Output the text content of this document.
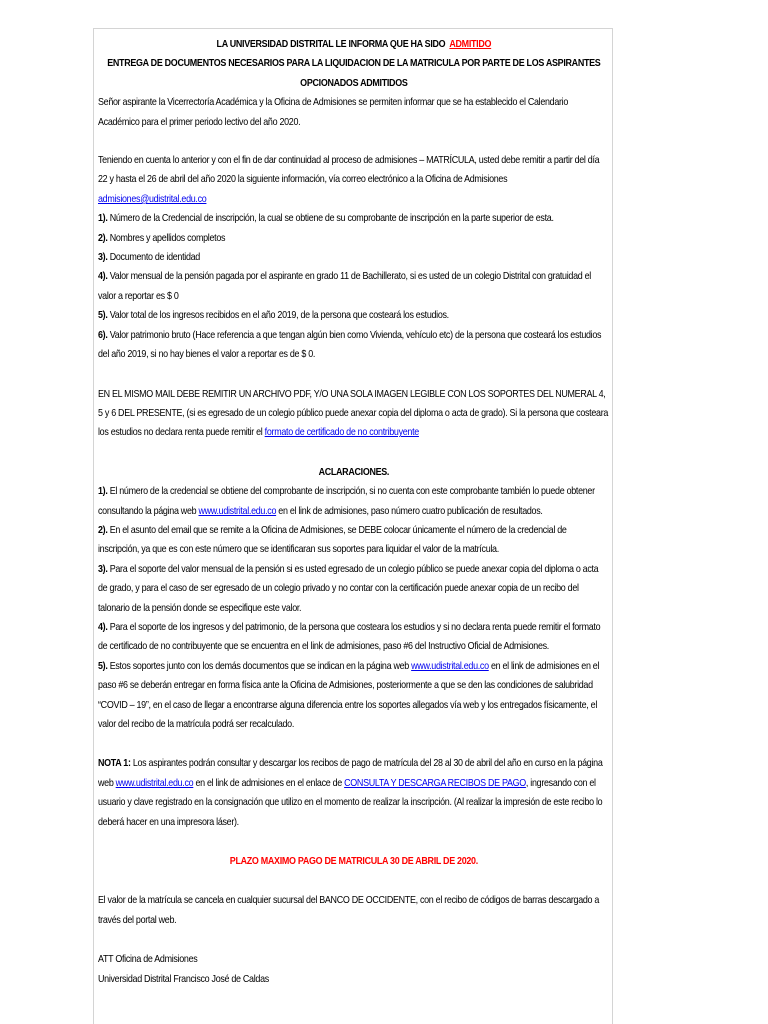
LA UNIVERSIDAD DISTRITAL LE INFORMA QUE HA SIDO ADMITIDO

ENTREGA DE DOCUMENTOS NECESARIOS PARA LA LIQUIDACION DE LA MATRICULA POR PARTE DE LOS ASPIRANTES OPCIONADOS ADMITIDOS

Señor aspirante la Vicerrectoría Académica y la Oficina de Admisiones se permiten informar que se ha establecido el Calendario Académico para el primer periodo lectivo del año 2020.

Teniendo en cuenta lo anterior y con el fin de dar continuidad al proceso de admisiones – MATRÍCULA, usted debe remitir a partir del día 22 y hasta el 26 de abril del año 2020 la siguiente información, vía correo electrónico a la Oficina de Admisiones admisiones@udistrital.edu.co

1). Número de la Credencial de inscripción, la cual se obtiene de su comprobante de inscripción en la parte superior de esta.

2). Nombres y apellidos completos

3). Documento de identidad

4). Valor mensual de la pensión pagada por el aspirante en grado 11 de Bachillerato, si es usted de un colegio Distrital con gratuidad el valor a reportar es $ 0

5). Valor total de los ingresos recibidos en el año 2019, de la persona que costeará los estudios.

6). Valor patrimonio bruto (Hace referencia a que tengan algún bien como Vivienda, vehículo etc) de la persona que costeará los estudios del año 2019, si no hay bienes el valor a reportar es de $ 0.

EN EL MISMO MAIL DEBE REMITIR UN ARCHIVO PDF, Y/O UNA SOLA IMAGEN LEGIBLE CON LOS SOPORTES DEL NUMERAL 4, 5 y 6 DEL PRESENTE, (si es egresado de un colegio público puede anexar copia del diploma o acta de grado). Si la persona que costeara los estudios no declara renta puede remitir el formato de certificado de no contribuyente

ACLARACIONES.

1). El número de la credencial se obtiene del comprobante de inscripción, si no cuenta con este comprobante también lo puede obtener consultando la página web www.udistrital.edu.co en el link de admisiones, paso número cuatro publicación de resultados.

2). En el asunto del email que se remite a la Oficina de Admisiones, se DEBE colocar únicamente el número de la credencial de inscripción, ya que es con este número que se identificaran sus soportes para liquidar el valor de la matrícula.

3). Para el soporte del valor mensual de la pensión si es usted egresado de un colegio público se puede anexar copia del diploma o acta de grado, y para el caso de ser egresado de un colegio privado y no contar con la certificación puede anexar copia de un recibo del talonario de la pensión donde se especifique este valor.

4). Para el soporte de los ingresos y del patrimonio, de la persona que costeara los estudios y si no declara renta puede remitir el formato de certificado de no contribuyente que se encuentra en el link de admisiones, paso #6 del Instructivo Oficial de Admisiones.

5). Estos soportes junto con los demás documentos que se indican en la página web www.udistrital.edu.co en el link de admisiones en el paso #6 se deberán entregar en forma física ante la Oficina de Admisiones, posteriormente a que se den las condiciones de salubridad “COVID – 19”, en el caso de llegar a encontrarse alguna diferencia entre los soportes allegados vía web y los entregados físicamente, el valor del recibo de la matrícula podrá ser recalculado.

NOTA 1: Los aspirantes podrán consultar y descargar los recibos de pago de matrícula del 28 al 30 de abril del año en curso en la página web www.udistrital.edu.co en el link de admisiones en el enlace de CONSULTA Y DESCARGA RECIBOS DE PAGO, ingresando con el usuario y clave registrado en la consignación que utilizo en el momento de realizar la inscripción. (Al realizar la impresión de este recibo lo deberá hacer en una impresora láser).

PLAZO MAXIMO PAGO DE MATRICULA 30 DE ABRIL DE 2020.

El valor de la matrícula se cancela en cualquier sucursal del BANCO DE OCCIDENTE, con el recibo de códigos de barras descargado a través del portal web.

ATT Oficina de Admisiones

Universidad Distrital Francisco José de Caldas
